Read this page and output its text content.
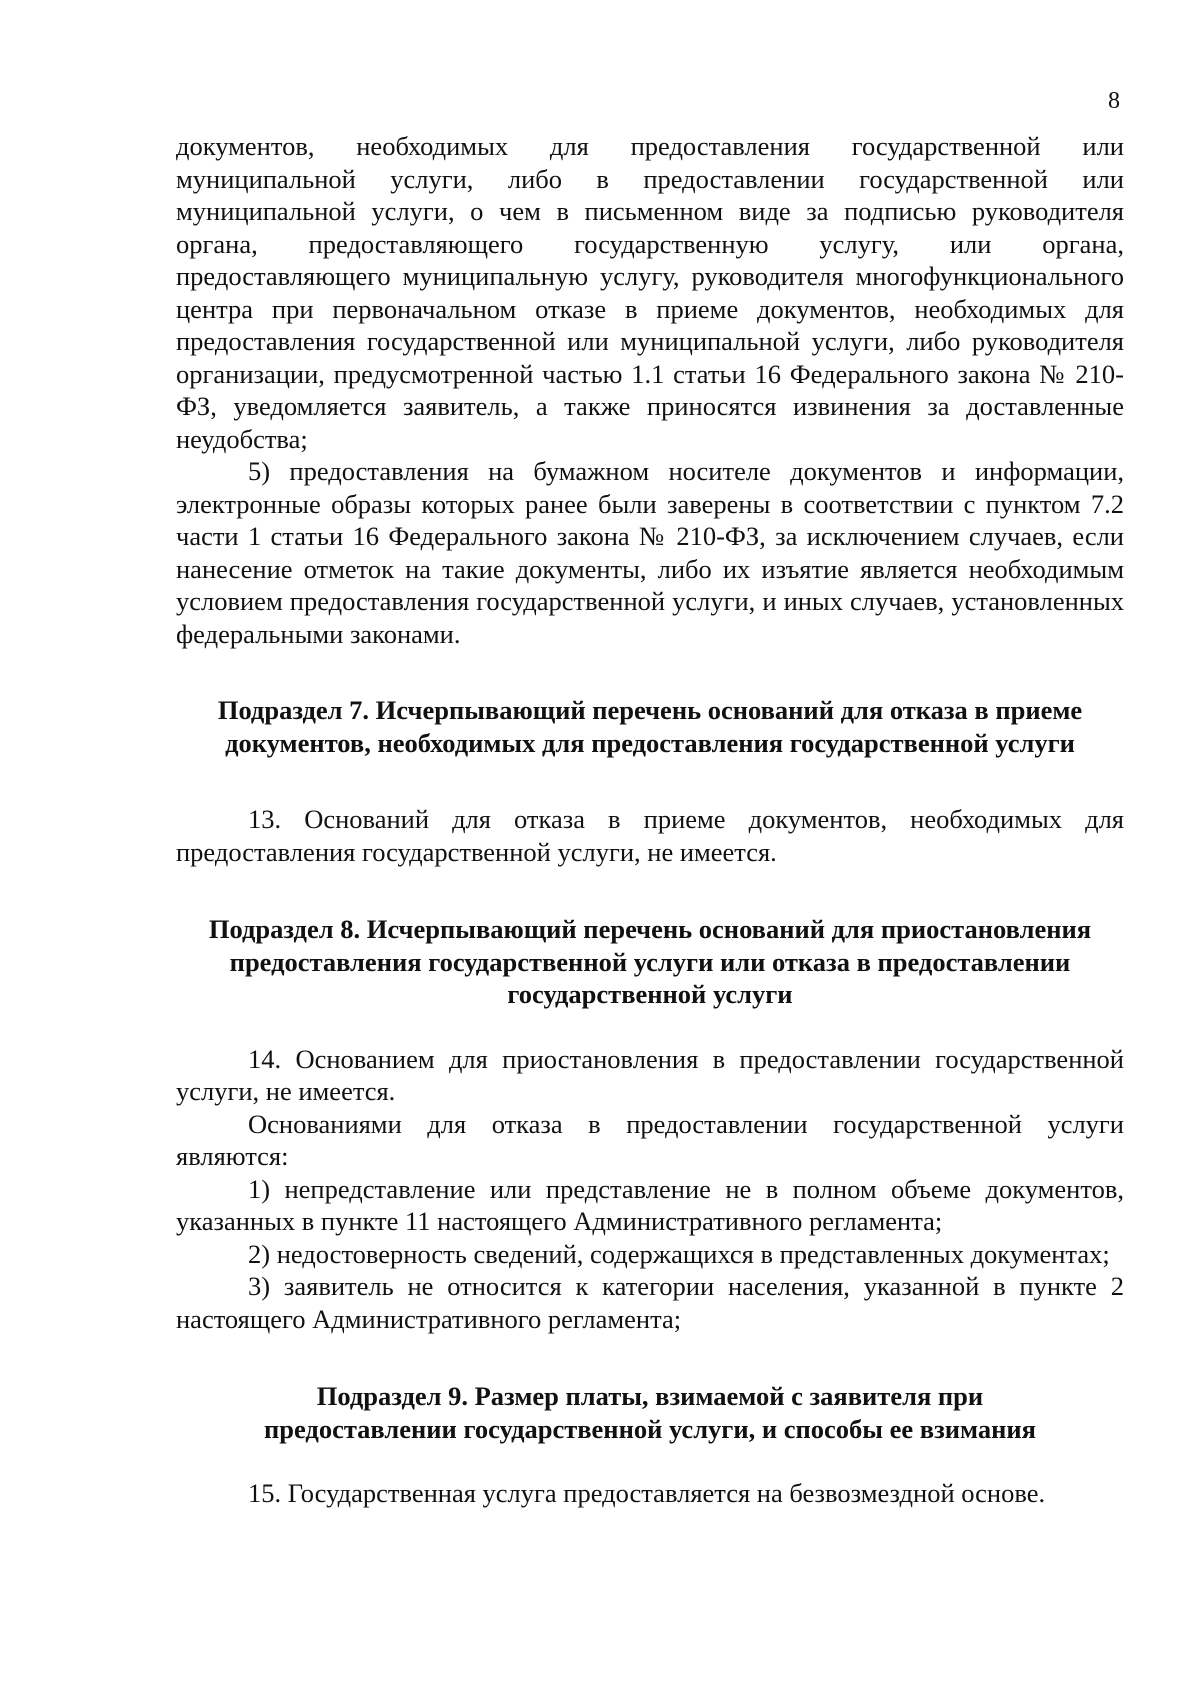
8

документов, необходимых для предоставления государственной или муниципальной услуги, либо в предоставлении государственной или муниципальной услуги, о чем в письменном виде за подписью руководителя органа, предоставляющего государственную услугу, или органа, предоставляющего муниципальную услугу, руководителя многофункционального центра при первоначальном отказе в приеме документов, необходимых для предоставления государственной или муниципальной услуги, либо руководителя организации, предусмотренной частью 1.1 статьи 16 Федерального закона № 210-ФЗ, уведомляется заявитель, а также приносятся извинения за доставленные неудобства;

5) предоставления на бумажном носителе документов и информации, электронные образы которых ранее были заверены в соответствии с пунктом 7.2 части 1 статьи 16 Федерального закона № 210-ФЗ, за исключением случаев, если нанесение отметок на такие документы, либо их изъятие является необходимым условием предоставления государственной услуги, и иных случаев, установленных федеральными законами.

Подраздел 7. Исчерпывающий перечень оснований для отказа в приеме документов, необходимых для предоставления государственной услуги

13. Оснований для отказа в приеме документов, необходимых для предоставления государственной услуги, не имеется.

Подраздел 8. Исчерпывающий перечень оснований для приостановления предоставления государственной услуги или отказа в предоставлении государственной услуги

14. Основанием для приостановления в предоставлении государственной услуги, не имеется.

Основаниями для отказа в предоставлении государственной услуги являются:

1) непредставление или представление не в полном объеме документов, указанных в пункте 11 настоящего Административного регламента;

2) недостоверность сведений, содержащихся в представленных документах;

3) заявитель не относится к категории населения, указанной в пункте 2 настоящего Административного регламента;

Подраздел 9. Размер платы, взимаемой с заявителя при предоставлении государственной услуги, и способы ее взимания

15. Государственная услуга предоставляется на безвозмездной основе.
